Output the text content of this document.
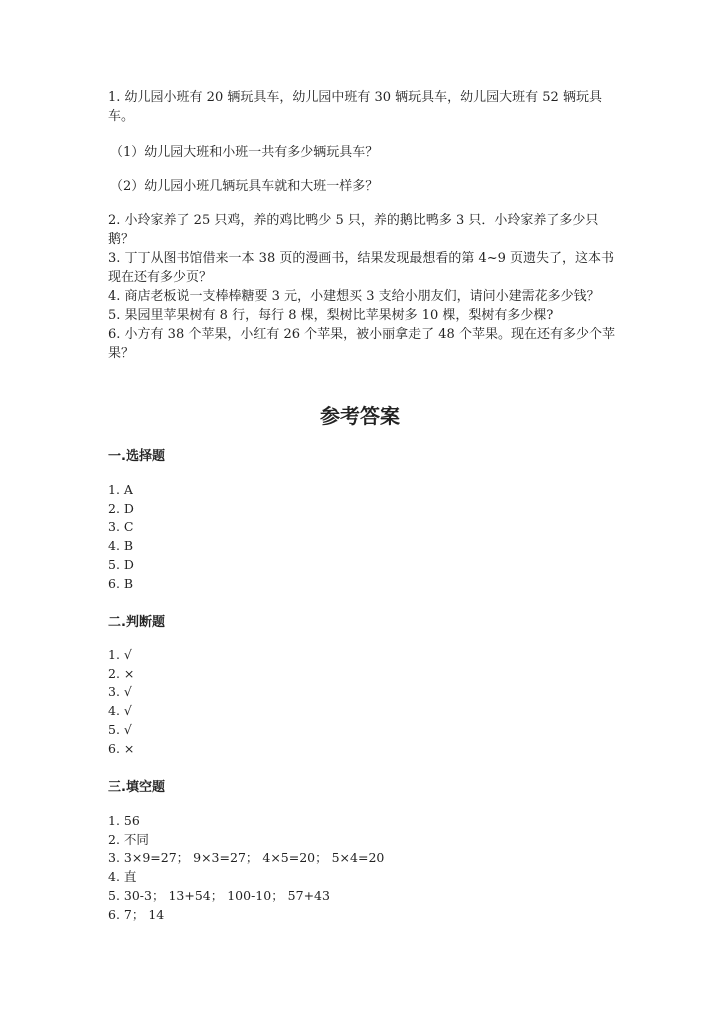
1. 幼儿园小班有 20 辆玩具车，幼儿园中班有 30 辆玩具车，幼儿园大班有 52 辆玩具车。

（1）幼儿园大班和小班一共有多少辆玩具车？

（2）幼儿园小班几辆玩具车就和大班一样多？

2. 小玲家养了 25 只鸡，养的鸡比鸭少 5 只，养的鹅比鸭多 3 只．小玲家养了多少只鹅？

3. 丁丁从图书馆借来一本 38 页的漫画书，结果发现最想看的第 4~9 页遗失了，这本书现在还有多少页？

4. 商店老板说一支棒棒糖要 3 元，小建想买 3 支给小朋友们，请问小建需花多少钱？

5. 果园里苹果树有 8 行，每行 8 棵，梨树比苹果树多 10 棵，梨树有多少棵?

6. 小方有 38 个苹果，小红有 26 个苹果，被小丽拿走了 48 个苹果。现在还有多少个苹果？

参考答案
一.选择题
1. A
2. D
3. C
4. B
5. D
6. B
二.判断题
1. √
2. ×
3. √
4. √
5. √
6. ×
三.填空题
1. 56
2. 不同
3. 3×9=27； 9×3=27； 4×5=20； 5×4=20
4. 直
5. 30-3； 13+54； 100-10； 57+43
6. 7； 14
